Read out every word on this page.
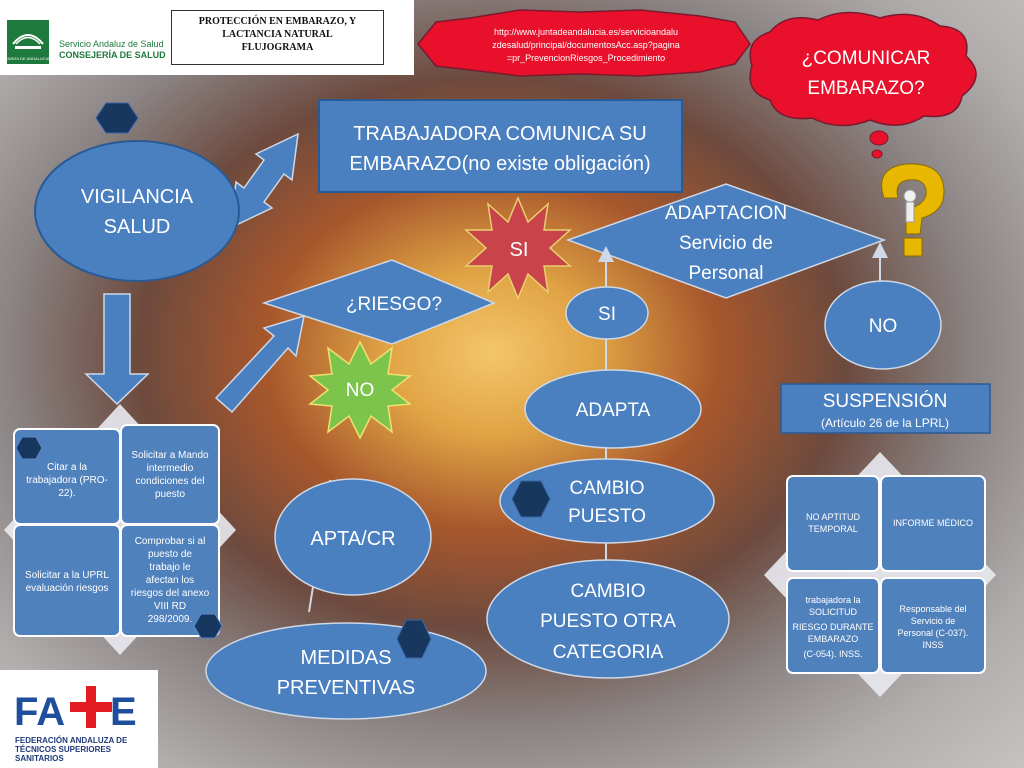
JUNTA DE ANDALUCIA
Servicio Andaluz de Salud
CONSEJERÍA DE SALUD
PROTECCIÓN EN EMBARAZO, Y
LACTANCIA NATURAL
FLUJOGRAMA
http://www.juntadeandalucia.es/servicioandalu
zdesalud/principal/documentosAcc.asp?pagina
=pr_PrevencionRiesgos_Procedimiento	¿COMUNICAR
EMBARAZO?
TRABAJADORA COMUNICA SU
EMBARAZO(no existe obligación)
VIGILANCIA
SALUD
ADAPTACION
Servicio de
Personal
¿RIESGO?
SI
NO
SI
NO
ADAPTA
CAMBIO
PUESTO
CAMBIO
PUESTO OTRA
CATEGORIA
APTA/CR
MEDIDAS
PREVENTIVAS
SUSPENSIÓN
(Artículo 26 de la LPRL)
Citar a la
trabajadora (PRO-
22).
Solicitar a Mando
intermedio
condiciones del
puesto
Solicitar a la UPRL
evaluación riesgos
Comprobar si al
puesto de
trabajo le
afectan los
riesgos del anexo
VIII RD
298/2009.
NO APTITUD
TEMPORAL
INFORME MÉDICO
trabajadora la
SOLICITUD
RIESGO DURANTE
EMBARAZO
(C-054). INSS.
Responsable del
Servicio de
Personal (C-037).
INSS
FA E
FEDERACIÓN ANDALUZA DE
TÉCNICOS SUPERIORES SANITARIOS
